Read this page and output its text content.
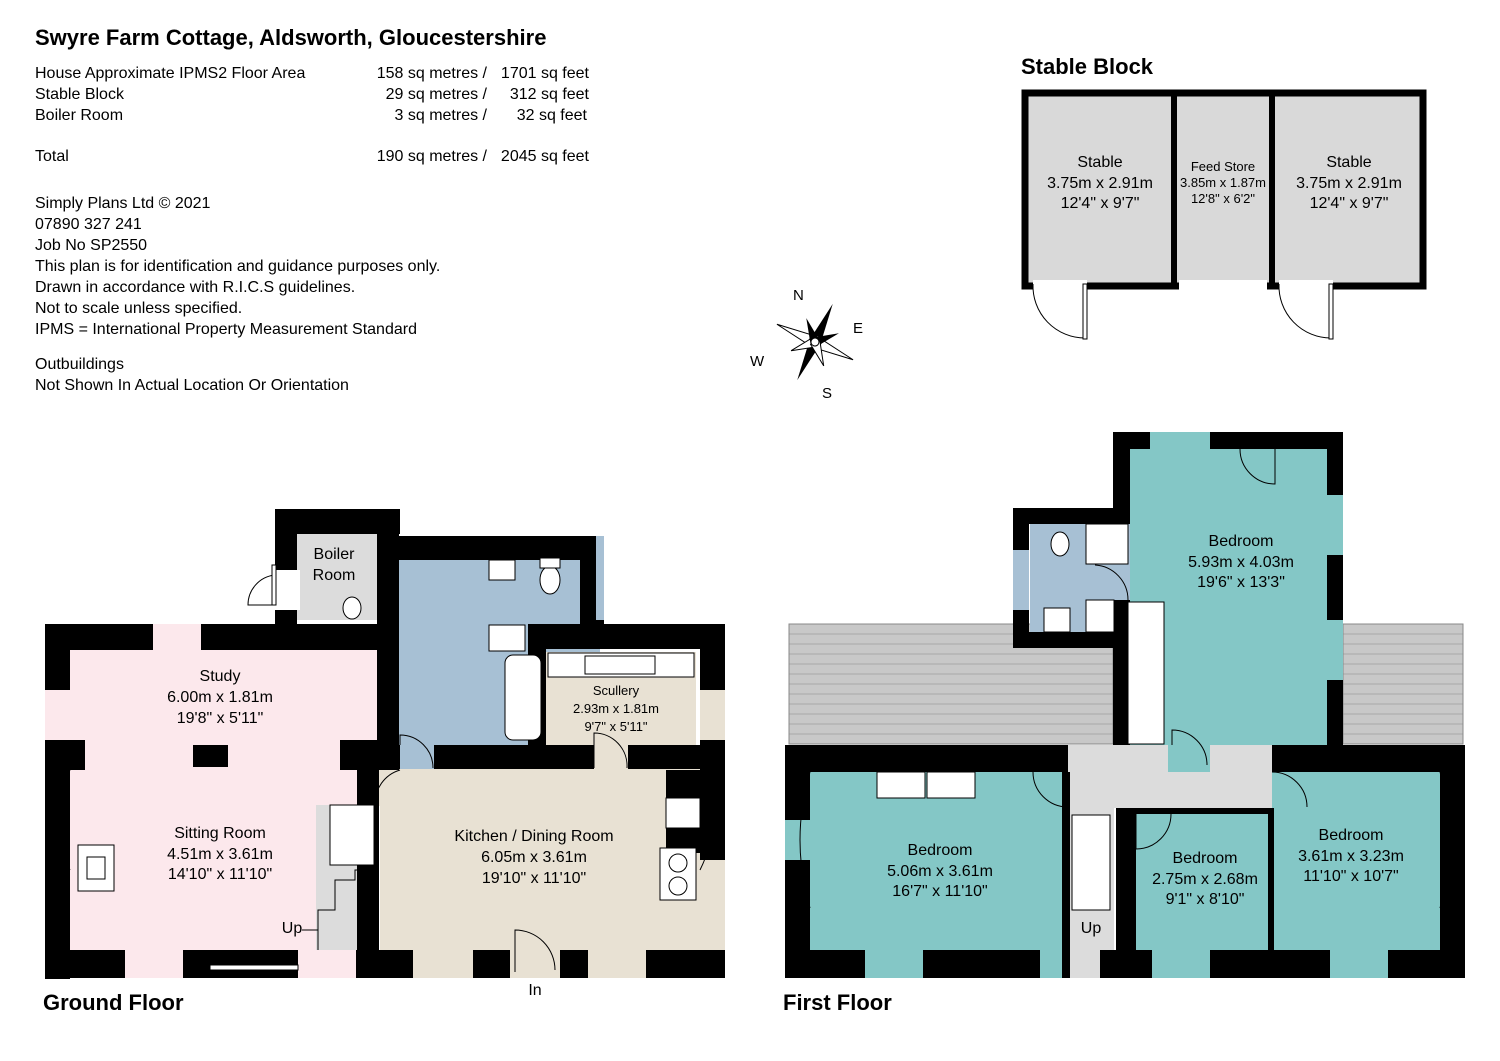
Swyre Farm Cottage, Aldsworth, Gloucestershire
House Approximate IPMS2 Floor Area	158 sq metres / 1701 sq feet
Stable Block	29 sq metres / 312 sq feet
Boiler Room	3 sq metres / 32 sq feet
Total	190 sq metres / 2045 sq feet
Simply Plans Ltd © 2021
07890 327 241
Job No SP2550
This plan is for identification and guidance purposes only.
Drawn in accordance with R.I.C.S guidelines.
Not to scale unless specified.
IPMS = International Property Measurement Standard
Outbuildings
Not Shown In Actual Location Or Orientation
Stable Block
Ground Floor	First Floor
N
E
S
W
Stable
3.75m x 2.91m
12'4" x 9'7"
Feed Store
3.85m x 1.87m
12'8" x 6'2"
Stable
3.75m x 2.91m
12'4" x 9'7"
Boiler
Room
Study
6.00m x 1.81m
19'8" x 5'11"
Sitting Room
4.51m x 3.61m
14'10" x 11'10"
Scullery
2.93m x 1.81m
9'7" x 5'11"
Kitchen / Dining Room
6.05m x 3.61m
19'10" x 11'10"
Up
In
Bedroom
5.93m x 4.03m
19'6" x 13'3"
Bedroom
5.06m x 3.61m
16'7" x 11'10"
Bedroom
2.75m x 2.68m
9'1" x 8'10"
Bedroom
3.61m x 3.23m
11'10" x 10'7"
Up
